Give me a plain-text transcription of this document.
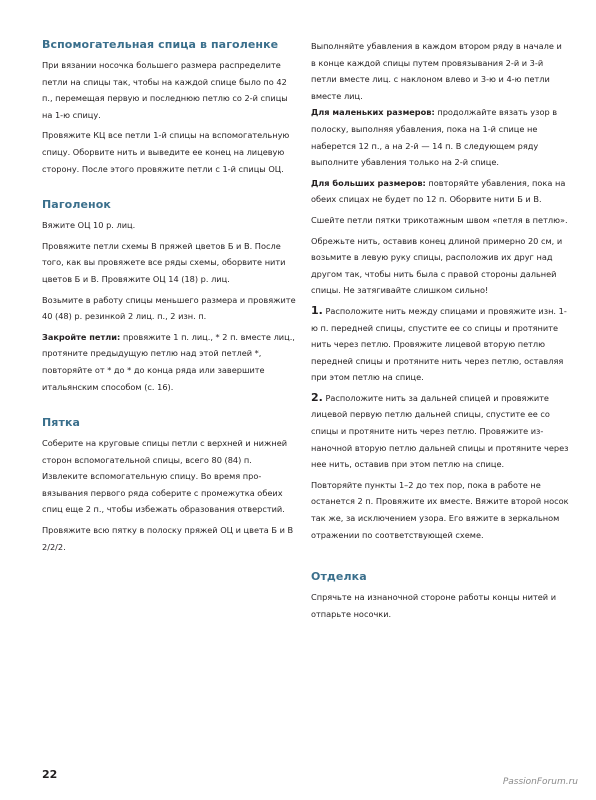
Вспомогательная спица в паголенке

При вязании носочка большего размера распределите петли на спицы так, чтобы на каждой спице было по 42 п., перемещая первую и последнюю петлю со 2-й спицы на 1-ю спицу.

Провяжите КЦ все петли 1-й спицы на вспомогательную спицу. Оборвите нить и выведите ее конец на лицевую сторону. После этого провяжите петли с 1-й спицы ОЦ.

Паголенок

Вяжите ОЦ 10 р. лиц.

Провяжите петли схемы В пряжей цветов Б и В. После того, как вы провяжете все ряды схемы, оборвите нити цветов Б и В. Провяжите ОЦ 14 (18) р. лиц.

Возьмите в работу спицы меньшего размера и провяжите 40 (48) р. резинкой 2 лиц. п., 2 изн. п.

Закройте петли: провяжите 1 п. лиц., * 2 п. вместе лиц., протяните предыдущую петлю над этой петлей *, повторяйте от * до * до конца ряда или завершите итальянским способом (с. 16).

Пятка

Соберите на круговые спицы петли с верхней и нижней сторон вспомогательной спицы, всего 80 (84) п. Извлеките вспомогательную спицу. Во время провязывания первого ряда соберите с промежутка обеих спиц еще 2 п., чтобы избежать образования отверстий.

Провяжите всю пятку в полоску пряжей ОЦ и цвета Б и В 2/2/2.

Выполняйте убавления в каждом втором ряду в начале и в конце каждой спицы путем провязывания 2-й и 3-й петли вместе лиц. с наклоном влево и 3-ю и 4-ю петли вместе лиц.

Для маленьких размеров: продолжайте вязать узор в полоску, выполняя убавления, пока на 1-й спице не наберется 12 п., а на 2-й — 14 п. В следующем ряду выполните убавления только на 2-й спице.

Для больших размеров: повторяйте убавления, пока на обеих спицах не будет по 12 п. Оборвите нити Б и В.

Сшейте петли пятки трикотажным швом «петля в петлю».

Обрежьте нить, оставив конец длиной примерно 20 см, и возьмите в левую руку спицы, расположив их друг над другом так, чтобы нить была с правой стороны дальней спицы. Не затягивайте слишком сильно!

1. Расположите нить между спицами и провяжите изн. 1-ю п. передней спицы, спустите ее со спицы и протяните нить через петлю. Провяжите лицевой вторую петлю передней спицы и протяните нить через петлю, оставляя при этом петлю на спице.

2. Расположите нить за дальней спицей и провяжите лицевой первую петлю дальней спицы, спустите ее со спицы и протяните нить через петлю. Провяжите изнаночной вторую петлю дальней спицы и протяните через нее нить, оставив при этом петлю на спице.

Повторяйте пункты 1–2 до тех пор, пока в работе не останется 2 п. Провяжите их вместе. Вяжите второй носок так же, за исключением узора. Его вяжите в зеркальном отражении по соответствующей схеме.

Отделка

Спрячьте на изнаночной стороне работы концы нитей и отпарьте носочки.

22
PassionForum.ru
